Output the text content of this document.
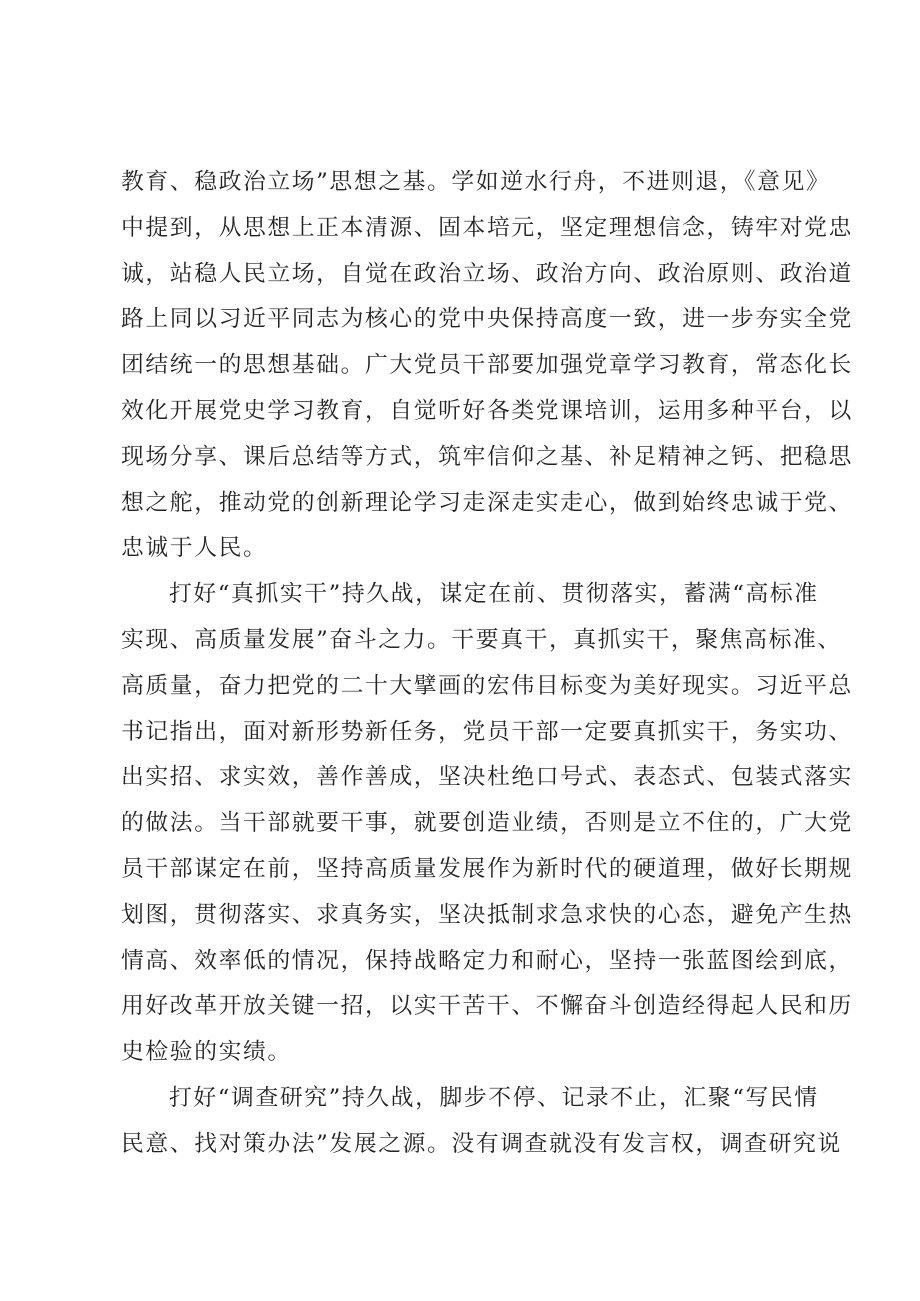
教育、稳政治立场”思想之基。学如逆水行舟，不进则退，《意见》
中提到，从思想上正本清源、固本培元，坚定理想信念，铸牢对党忠
诚，站稳人民立场，自觉在政治立场、政治方向、政治原则、政治道
路上同以习近平同志为核心的党中央保持高度一致，进一步夯实全党
团结统一的思想基础。广大党员干部要加强党章学习教育，常态化长
效化开展党史学习教育，自觉听好各类党课培训，运用多种平台，以
现场分享、课后总结等方式，筑牢信仰之基、补足精神之钙、把稳思
想之舵，推动党的创新理论学习走深走实走心，做到始终忠诚于党、
忠诚于人民。
打好“真抓实干”持久战，谋定在前、贯彻落实，蓄满“高标准
实现、高质量发展”奋斗之力。干要真干，真抓实干，聚焦高标准、
高质量，奋力把党的二十大擘画的宏伟目标变为美好现实。习近平总
书记指出，面对新形势新任务，党员干部一定要真抓实干，务实功、
出实招、求实效，善作善成，坚决杜绝口号式、表态式、包装式落实
的做法。当干部就要干事，就要创造业绩，否则是立不住的，广大党
员干部谋定在前，坚持高质量发展作为新时代的硬道理，做好长期规
划图，贯彻落实、求真务实，坚决抵制求急求快的心态，避免产生热
情高、效率低的情况，保持战略定力和耐心，坚持一张蓝图绘到底，
用好改革开放关键一招，以实干苦干、不懈奋斗创造经得起人民和历
史检验的实绩。
打好“调查研究”持久战，脚步不停、记录不止，汇聚“写民情
民意、找对策办法”发展之源。没有调查就没有发言权，调查研究说
